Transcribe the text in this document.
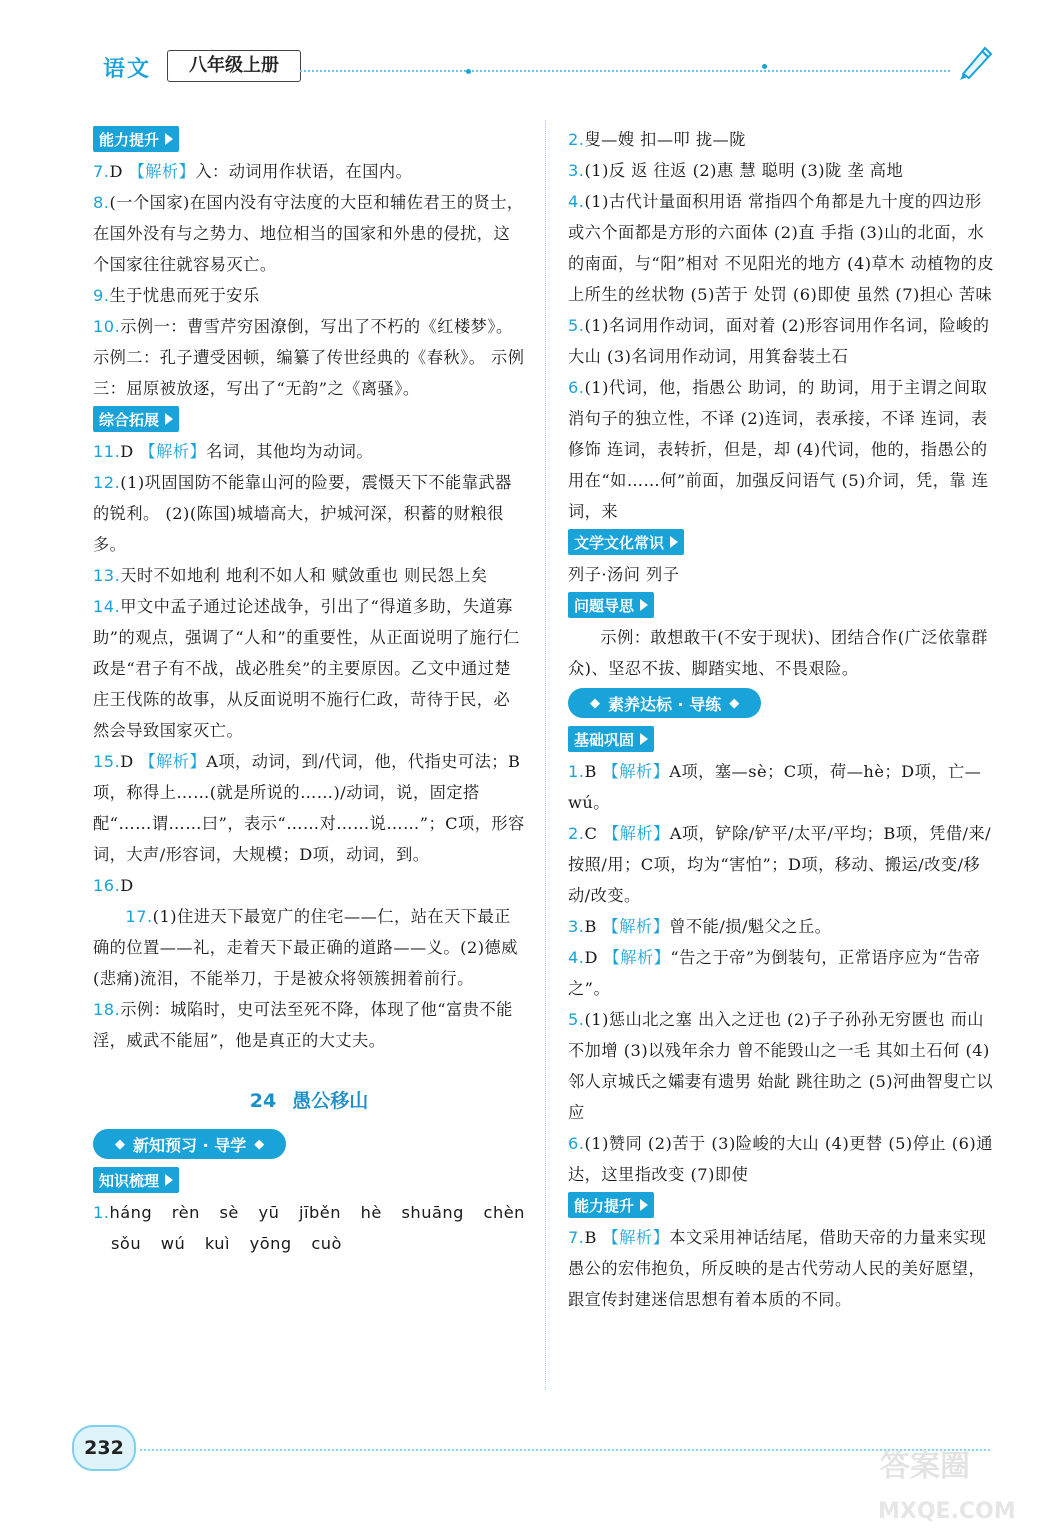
语文	八年级上册
能力提升

7.D 【解析】入：动词用作状语，在国内。

8.(一个国家)在国内没有守法度的大臣和辅佐君王的贤士，在国外没有与之势力、地位相当的国家和外患的侵扰，这个国家往往就容易灭亡。

9.生于忧患而死于安乐

10.示例一：曹雪芹穷困潦倒，写出了不朽的《红楼梦》。 示例二：孔子遭受困顿，编纂了传世经典的《春秋》。 示例三：屈原被放逐，写出了“无韵”之《离骚》。

综合拓展

11.D 【解析】名词，其他均为动词。

12.(1)巩固国防不能靠山河的险要，震慑天下不能靠武器的锐利。 (2)(陈国)城墙高大，护城河深，积蓄的财粮很多。

13.天时不如地利 地利不如人和 赋敛重也 则民怨上矣

14.甲文中孟子通过论述战争，引出了“得道多助，失道寡助”的观点，强调了“人和”的重要性，从正面说明了施行仁政是“君子有不战，战必胜矣”的主要原因。乙文中通过楚庄王伐陈的故事，从反面说明不施行仁政，苛待于民，必然会导致国家灭亡。

15.D 【解析】A项，动词，到/代词，他，代指史可法；B项，称得上……(就是所说的……)/动词，说，固定搭配“……谓……曰”，表示“……对……说……”；C项，形容词，大声/形容词，大规模；D项，动词，到。

16.D

17.(1)住进天下最宽广的住宅——仁，站在天下最正确的位置——礼，走着天下最正确的道路——义。(2)德威(悲痛)流泪，不能举刀，于是被众将领簇拥着前行。

18.示例：城陷时，史可法至死不降，体现了他“富贵不能淫，威武不能屈”，他是真正的大丈夫。

24 愚公移山
◆ 新知预习 · 导学 ◆

知识梳理

1.háng rèn sè yū jīběn hè shuāng chèn

sǒu wú kuì yōng cuò

2.叟—嫂 扣—叩 拢—陇

3.(1)反 返 往返 (2)惠 慧 聪明 (3)陇 垄 高地

4.(1)古代计量面积用语 常指四个角都是九十度的四边形或六个面都是方形的六面体 (2)直 手指 (3)山的北面，水的南面，与“阳”相对 不见阳光的地方 (4)草木 动植物的皮上所生的丝状物 (5)苦于 处罚 (6)即使 虽然 (7)担心 苦味

5.(1)名词用作动词，面对着 (2)形容词用作名词，险峻的大山 (3)名词用作动词，用箕畚装土石

6.(1)代词，他，指愚公 助词，的 助词，用于主谓之间取消句子的独立性，不译 (2)连词，表承接，不译 连词，表修饰 连词，表转折，但是，却 (4)代词，他的，指愚公的 用在“如……何”前面，加强反问语气 (5)介词，凭，靠 连词，来

文学文化常识

列子·汤问 列子

问题导思

示例：敢想敢干(不安于现状)、团结合作(广泛依靠群众)、坚忍不拔、脚踏实地、不畏艰险。

◆ 素养达标 · 导练 ◆

基础巩固

1.B 【解析】A项，塞—sè；C项，荷—hè；D项，亡—wú。

2.C 【解析】A项，铲除/铲平/太平/平均；B项，凭借/来/按照/用；C项，均为“害怕”；D项，移动、搬运/改变/移动/改变。

3.B 【解析】曾不能/损/魁父之丘。

4.D 【解析】“告之于帝”为倒装句，正常语序应为“告帝之”。

5.(1)惩山北之塞 出入之迂也 (2)子子孙孙无穷匮也 而山不加增 (3)以残年余力 曾不能毁山之一毛 其如土石何 (4)邻人京城氏之孀妻有遗男 始龀 跳往助之 (5)河曲智叟亡以应

6.(1)赞同 (2)苦于 (3)险峻的大山 (4)更替 (5)停止 (6)通达，这里指改变 (7)即使

能力提升

7.B 【解析】本文采用神话结尾，借助天帝的力量来实现愚公的宏伟抱负，所反映的是古代劳动人民的美好愿望，跟宣传封建迷信思想有着本质的不同。

232
答案圈
MXQE.COM
